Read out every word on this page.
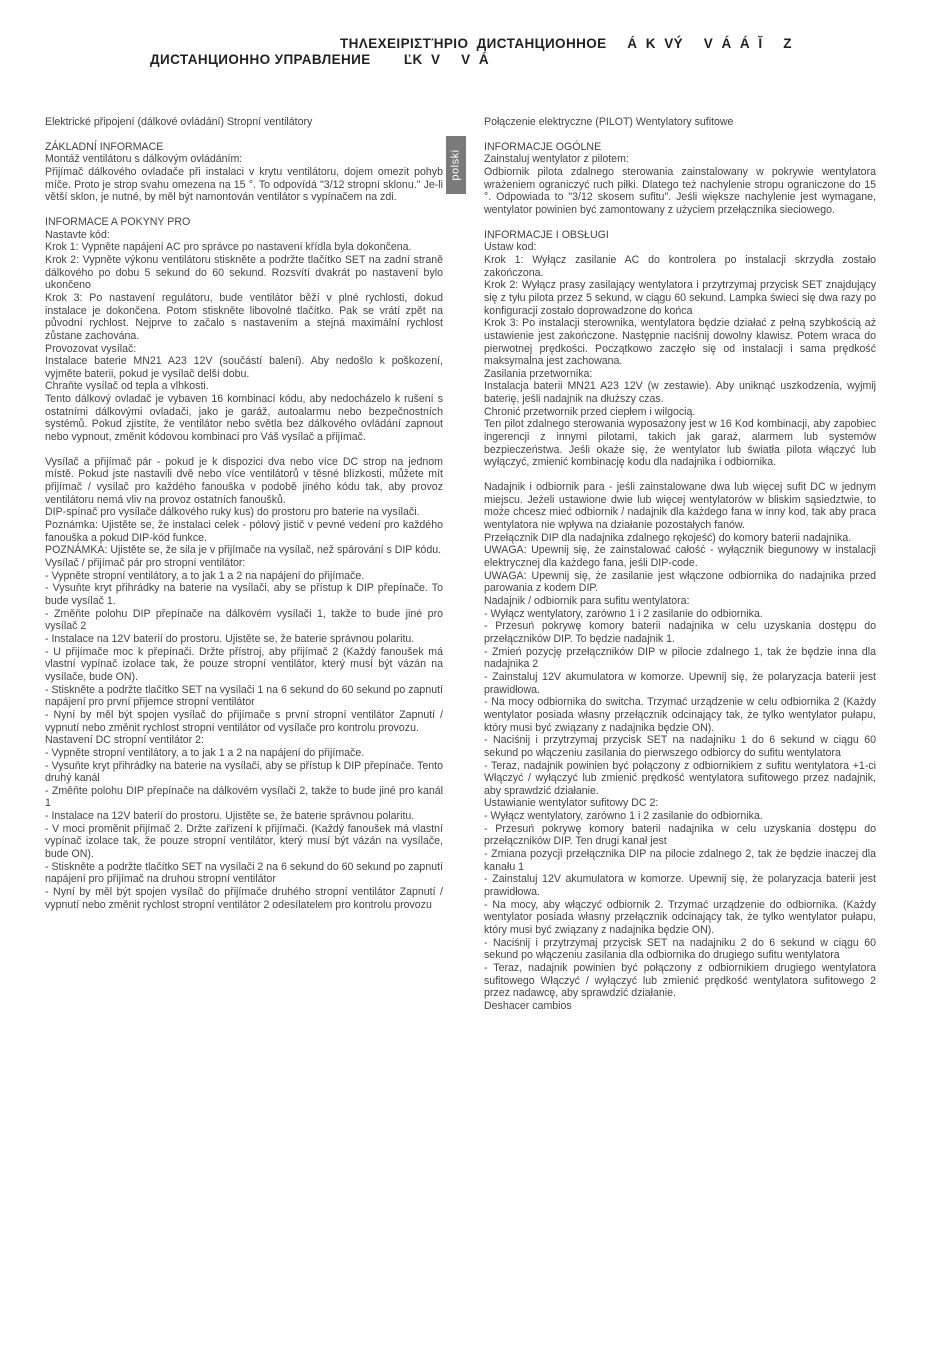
ΤΗΛΕΧΕΙΡΙΣΤΉΡΙΟ  ДИСТАНЦИОННОЕ     Á  K  VÝ     V  Á  Á  Ĭ     Z
ДИСТАНЦИОННО УПРАВЛЕНИЕ        ĽK  V     V  Á

Elektrické připojení (dálkové ovládání) Stropní ventilátory

ZÁKLADNÍ INFORMACE

Montáž ventilátoru s dálkovým ovládáním:

Přijímač dálkového ovladače při instalaci v krytu ventilátoru, dojem omezit pohyb míče. Proto je strop svahu omezena na 15 °. To odpovídá "3/12 stropní sklonu." Je-li větší sklon, je nutné, by měl být namontován ventilátor s vypínačem na zdi.

INFORMACE A POKYNY PRO

Nastavte kód:

Krok 1: Vypněte napájení AC pro správce po nastavení křídla byla dokončena.

Krok 2: Vypněte výkonu ventilátoru stiskněte a podržte tlačítko SET na zadní straně dálkového po dobu 5 sekund do 60 sekund. Rozsvítí dvakrát po nastavení bylo ukončeno

Krok 3: Po nastavení regulátoru, bude ventilátor běží v plné rychlosti, dokud instalace je dokončena. Potom stiskněte libovolné tlačítko. Pak se vrátí zpět na původní rychlost. Nejprve to začalo s nastavením a stejná maximální rychlost zůstane zachována.

Provozovat vysílač:

Instalace baterie MN21 A23 12V (součástí balení). Aby nedošlo k poškození, vyjměte baterii, pokud je vysílač delší dobu.

Chraňte vysílač od tepla a vlhkosti.

Tento dálkový ovladač je vybaven 16 kombinací kódu, aby nedocházelo k rušení s ostatními dálkovými ovladači, jako je garáž, autoalarmu nebo bezpečnostních systémů. Pokud zjistíte, že ventilátor nebo světla bez dálkového ovládání zapnout nebo vypnout, změnit kódovou kombinaci pro Váš vysílač a přijímač.

Vysílač a přijímač pár - pokud je k dispozici dva nebo více DC strop na jednom místě. Pokud jste nastavili dvě nebo více ventilátorů v těsné blízkosti, můžete mít přijímač / vysílač pro každého fanouška v podobě jiného kódu tak, aby provoz ventilátoru nemá vliv na provoz ostatních fanoušků.

DIP-spínač pro vysílače dálkového ruky kus) do prostoru pro baterie na vysílači.

Poznámka: Ujistěte se, že instalaci celek - pólový jistič v pevné vedení pro každého fanouška a pokud DIP-kód funkce.

POZNÁMKA: Ujistěte se, že sila je v přijímače na vysílač, než spárování s DIP kódu.

Vysílač / přijímač pár pro stropní ventilátor:

- Vypněte stropní ventilátory, a to jak 1 a 2 na napájení do přijímače.

- Vysuňte kryt přihrádky na baterie na vysílači, aby se přístup k DIP přepínače. To bude vysílač 1.

- Změňte polohu DIP přepínače na dálkovém vysílači 1, takže to bude jiné pro vysílač 2

- Instalace na 12V baterií do prostoru. Ujistěte se, že baterie správnou polaritu.

- U přijímače moc k přepínači. Držte přístroj, aby přijímač 2 (Každý fanoušek má vlastní vypínač izolace tak, že pouze stropní ventilátor, který musí být vázán na vysílače, bude ON).

- Stiskněte a podržte tlačítko SET na vysílači 1 na 6 sekund do 60 sekund po zapnutí napájení pro první přijemce stropní ventilátor

- Nyní by měl být spojen vysílač do přijímače s první stropní ventilátor Zapnutí / vypnutí nebo změnit rychlost stropní ventilátor od vysílače pro kontrolu provozu.

Nastavení DC stropní ventilátor 2:

- Vypněte stropní ventilátory, a to jak 1 a 2 na napájení do přijímače.

- Vysuňte kryt přihrádky na baterie na vysílači, aby se přístup k DIP přepínače. Tento druhý kanál

- Změňte polohu DIP přepínače na dálkovém vysílači 2, takže to bude jiné pro kanál 1

- Instalace na 12V baterií do prostoru. Ujistěte se, že baterie správnou polaritu.

- V moci proměnit přijímač 2. Držte zařízení k přijímači. (Každý fanoušek má vlastní vypínač izolace tak, že pouze stropní ventilátor, který musí být vázán na vysílače, bude ON).

- Stiskněte a podržte tlačítko SET na vysílači 2 na 6 sekund do 60 sekund po zapnutí napájení pro přijímač na druhou stropní ventilátor

- Nyní by měl být spojen vysílač do přijímače druhého stropní ventilátor Zapnutí / vypnutí nebo změnit rychlost stropní ventilátor 2 odesílatelem pro kontrolu provozu

polski

Połączenie elektryczne (PILOT) Wentylatory sufitowe

INFORMACJE OGÓLNE

Zainstaluj wentylator z pilotem:

Odbiornik pilota zdalnego sterowania zainstalowany w pokrywie wentylatora wrażeniem ograniczyć ruch piłki. Dlatego też nachylenie stropu ograniczone do 15 °. Odpowiada to "3/12 skosem sufitu". Jeśli większe nachylenie jest wymagane, wentylator powinien być zamontowany z użyciem przełącznika sieciowego.

INFORMACJE I OBSŁUGI

Ustaw kod:

Krok 1: Wyłącz zasilanie AC do kontrolera po instalacji skrzydła zostało zakończona.

Krok 2: Wyłącz prasy zasilający wentylatora i przytrzymaj przycisk SET znajdujący się z tyłu pilota przez 5 sekund, w ciągu 60 sekund. Lampka świeci się dwa razy po konfiguracji zostało doprowadzone do końca

Krok 3: Po instalacji sterownika, wentylatora będzie działać z pełną szybkością aż ustawienie jest zakończone. Następnie naciśnij dowolny klawisz. Potem wraca do pierwotnej prędkości. Początkowo zaczęło się od instalacji i sama prędkość maksymalna jest zachowana.

Zasilania przetwornika:

Instalacja baterii MN21 A23 12V (w zestawie). Aby uniknąć uszkodzenia, wyjmij baterię, jeśli nadajnik na dłuższy czas.

Chronić przetwornik przed ciepłem i wilgocią.

Ten pilot zdalnego sterowania wyposażony jest w 16 Kod kombinacji, aby zapobiec ingerencji z innymi pilotami, takich jak garaż, alarmem lub systemów bezpieczeństwa. Jeśli okaże się, że wentylator lub światła pilota włączyć lub wyłączyć, zmienić kombinację kodu dla nadajnika i odbiornika.

Nadajnik i odbiornik para - jeśli zainstalowane dwa lub więcej sufit DC w jednym miejscu. Jeżeli ustawione dwie lub więcej wentylatorów w bliskim sąsiedztwie, to może chcesz mieć odbiornik / nadajnik dla każdego fana w inny kod, tak aby praca wentylatora nie wpływa na działanie pozostałych fanów.

Przełącznik DIP dla nadajnika zdalnego rękojeść) do komory baterii nadajnika.

UWAGA: Upewnij się, że zainstalować całość - wyłącznik biegunowy w instalacji elektrycznej dla każdego fana, jeśli DIP-code.

UWAGA: Upewnij się, że zasilanie jest włączone odbiornika do nadajnika przed parowania z kodem DIP.

Nadajnik / odbiornik para sufitu wentylatora:

- Wyłącz wentylatory, zarówno 1 i 2 zasilanie do odbiornika.

- Przesuń pokrywę komory baterii nadajnika w celu uzyskania dostępu do przełączników DIP. To będzie nadajnik 1.

- Zmień pozycję przełączników DIP w pilocie zdalnego 1, tak że będzie inna dla nadajnika 2

- Zainstaluj 12V akumulatora w komorze. Upewnij się, że polaryzacja baterii jest prawidłowa.

- Na mocy odbiornika do switcha. Trzymać urządzenie w celu odbiornika 2 (Każdy wentylator posiada własny przełącznik odcinający tak, że tylko wentylator pułapu, który musi być związany z nadajnika będzie ON).

- Naciśnij i przytrzymaj przycisk SET na nadajniku 1 do 6 sekund w ciągu 60 sekund po włączeniu zasilania do pierwszego odbiorcy do sufitu wentylatora

- Teraz, nadajnik powinien być połączony z odbiornikiem z sufitu wentylatora +1-ci Włączyć / wyłączyć lub zmienić prędkość wentylatora sufitowego przez nadajnik, aby sprawdzić działanie.

Ustawianie wentylator sufitowy DC 2:

- Wyłącz wentylatory, zarówno 1 i 2 zasilanie do odbiornika.

- Przesuń pokrywę komory baterii nadajnika w celu uzyskania dostępu do przełączników DIP. Ten drugi kanał jest

- Zmiana pozycji przełącznika DIP na pilocie zdalnego 2, tak że będzie inaczej dla kanału 1

- Zainstaluj 12V akumulatora w komorze. Upewnij się, że polaryzacja baterii jest prawidłowa.

- Na mocy, aby włączyć odbiornik 2. Trzymać urządzenie do odbiornika. (Każdy wentylator posiada własny przełącznik odcinający tak, że tylko wentylator pułapu, który musi być związany z nadajnika będzie ON).

- Naciśnij i przytrzymaj przycisk SET na nadajniku 2 do 6 sekund w ciągu 60 sekund po włączeniu zasilania dla odbiornika do drugiego sufitu wentylatora

- Teraz, nadajnik powinien być połączony z odbiornikiem drugiego wentylatora sufitowego Włączyć / wyłączyć lub zmienić prędkość wentylatora sufitowego 2 przez nadawcę, aby sprawdzić działanie.

Deshacer cambios
